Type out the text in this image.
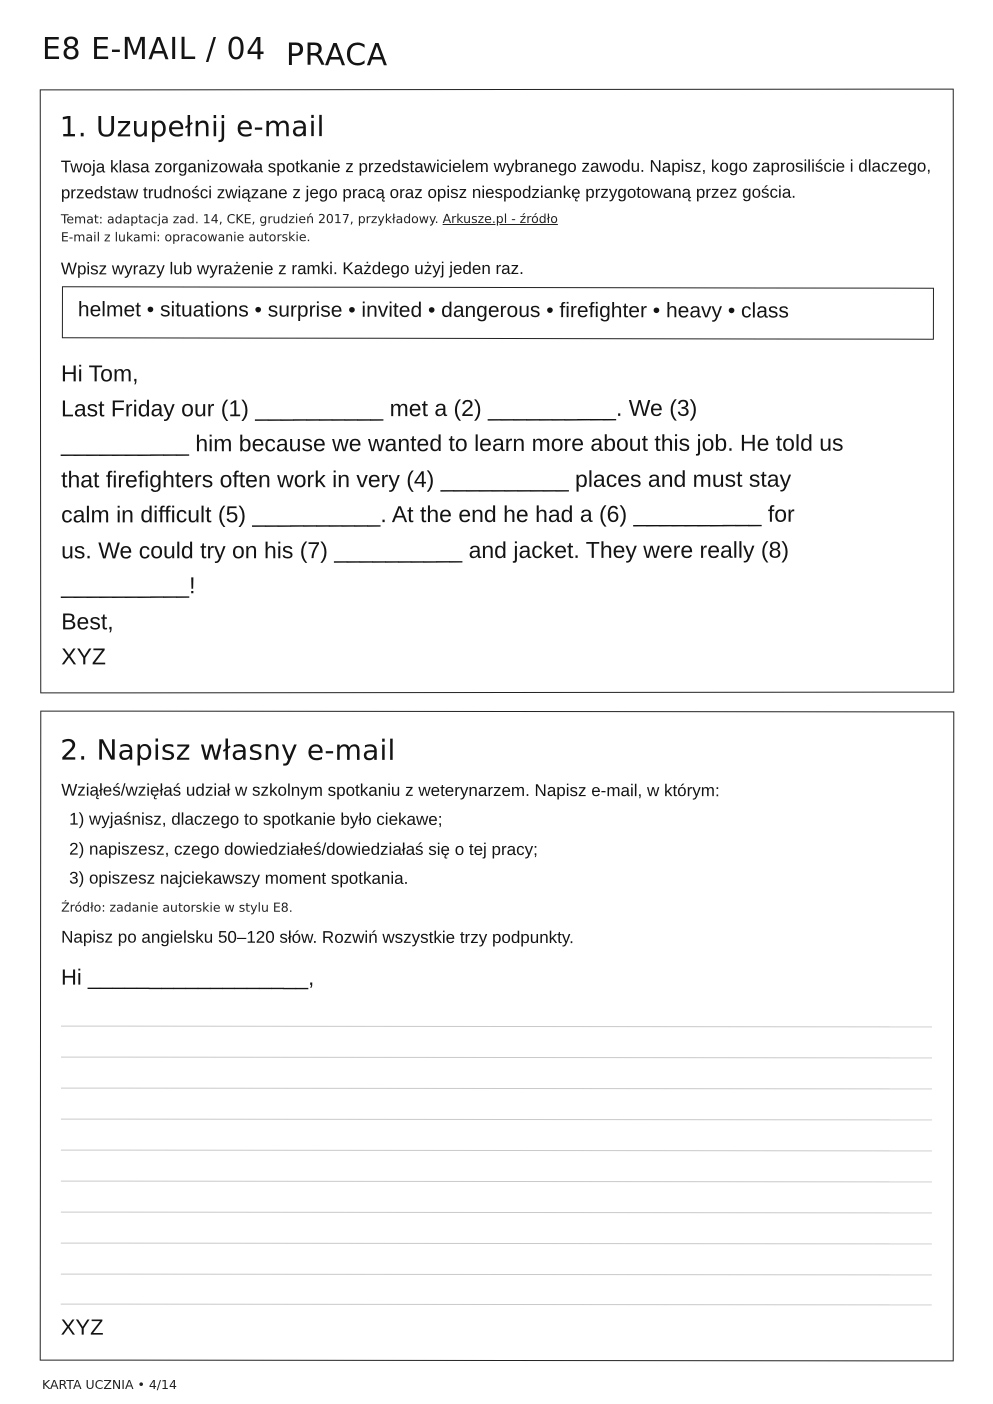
E8 E-MAIL / 04 PRACA
1. Uzupełnij e-mail
Twoja klasa zorganizowała spotkanie z przedstawicielem wybranego zawodu. Napisz, kogo zaprosiliście i dlaczego, przedstaw trudności związane z jego pracą oraz opisz niespodziankę przygotowaną przez gościa.
Temat: adaptacja zad. 14, CKE, grudzień 2017, przykładowy. Arkusze.pl - źródło
E-mail z lukami: opracowanie autorskie.
Wpisz wyrazy lub wyrażenie z ramki. Każdego użyj jeden raz.
helmet • situations • surprise • invited • dangerous • firefighter • heavy • class
Hi Tom,
Last Friday our (1) __________ met a (2) __________. We (3)
__________ him because we wanted to learn more about this job. He told us
that firefighters often work in very (4) __________ places and must stay
calm in difficult (5) __________. At the end he had a (6) __________ for
us. We could try on his (7) __________ and jacket. They were really (8)
__________!
Best,
XYZ
2. Napisz własny e-mail
Wziąłeś/wzięłaś udział w szkolnym spotkaniu z weterynarzem. Napisz e-mail, w którym:
1) wyjaśnisz, dlaczego to spotkanie było ciekawe;
2) napiszesz, czego dowiedziałeś/dowiedziałaś się o tej pracy;
3) opiszesz najciekawszy moment spotkania.
Źródło: zadanie autorskie w stylu E8.
Napisz po angielsku 50–120 słów. Rozwiń wszystkie trzy podpunkty.
Hi __________________,
XYZ
KARTA UCZNIA • 4/14
